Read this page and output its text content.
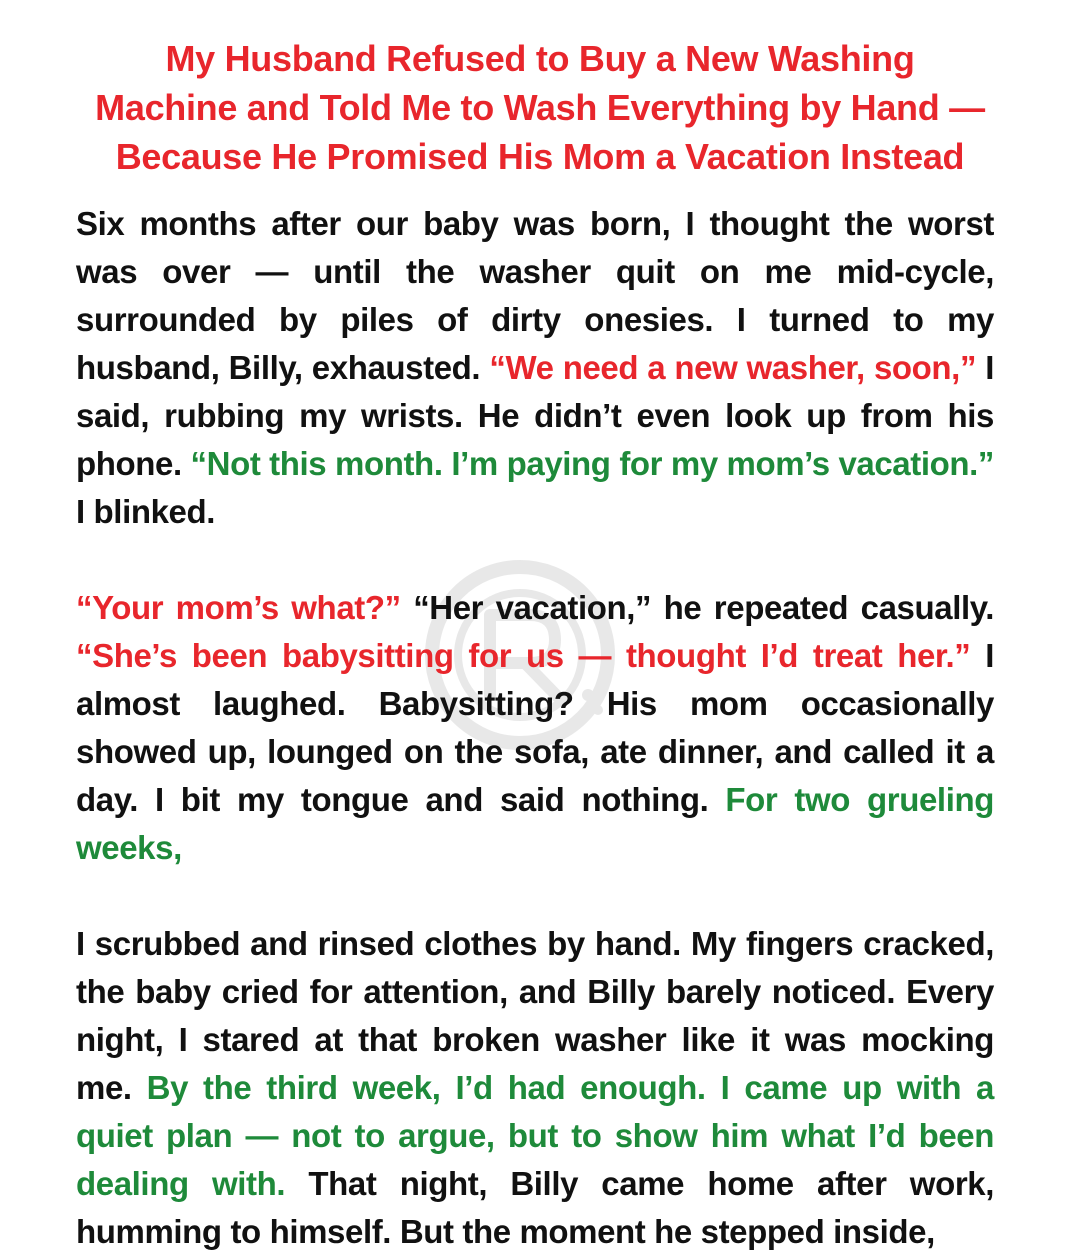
My Husband Refused to Buy a New Washing
Machine and Told Me to Wash Everything by Hand —
Because He Promised His Mom a Vacation Instead

Six months after our baby was born, I thought the worst was over — until the washer quit on me mid-cycle, surrounded by piles of dirty onesies. I turned to my husband, Billy, exhausted. “We need a new washer, soon,” I said, rubbing my wrists. He didn’t even look up from his phone. “Not this month. I’m paying for my mom’s vacation.” I blinked.

“Your mom’s what?” “Her vacation,” he repeated casually. “She’s been babysitting for us — thought I’d treat her.” I almost laughed. Babysitting? His mom occasionally showed up, lounged on the sofa, ate dinner, and called it a day. I bit my tongue and said nothing. For two grueling weeks,

I scrubbed and rinsed clothes by hand. My fingers cracked, the baby cried for attention, and Billy barely noticed. Every night, I stared at that broken washer like it was mocking me. By the third week, I’d had enough. I came up with a quiet plan — not to argue, but to show him what I’d been dealing with. That night, Billy came home after work, humming to himself. But the moment he stepped inside,
